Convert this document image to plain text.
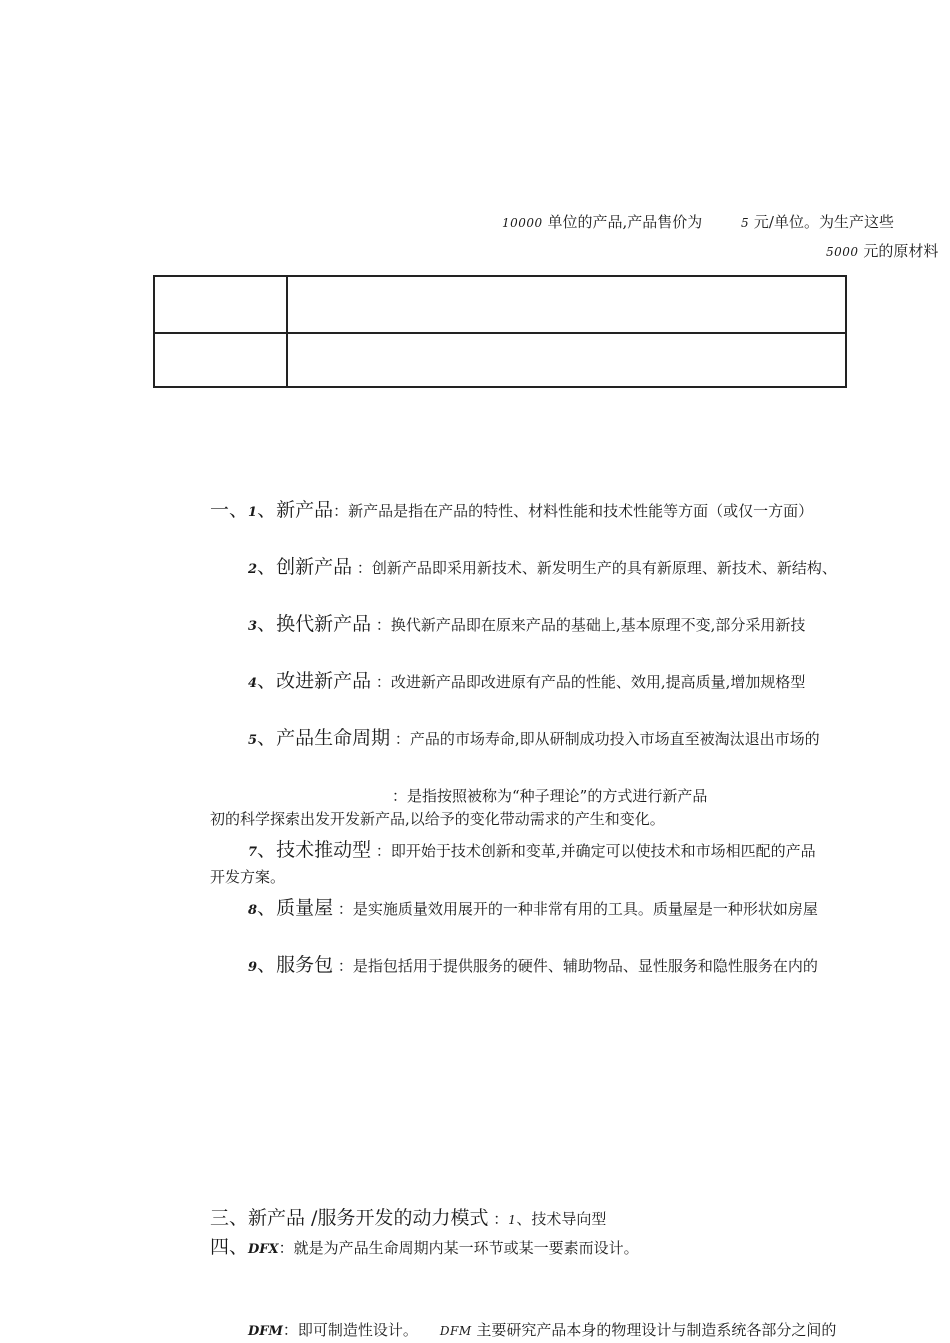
10000 单位的产品,产品售价为	5 元/单位。为生产这些
5000 元的原材料

一、1、新产品：新产品是指在产品的特性、材料性能和技术性能等方面（或仅一方面）
2、创新产品 ：创新产品即采用新技术、新发明生产的具有新原理、新技术、新结构、
3、换代新产品 ：换代新产品即在原来产品的基础上,基本原理不变,部分采用新技
4、改进新产品 ：改进新产品即改进原有产品的性能、效用,提高质量,增加规格型
5、产品生命周期 ：产品的市场寿命,即从研制成功投入市场直至被淘汰退出市场的
：是指按照被称为“种子理论”的方式进行新产品
初的科学探索出发开发新产品,以给予的变化带动需求的产生和变化。
7、技术推动型 ：即开始于技术创新和变革,并确定可以使技术和市场相匹配的产品
开发方案。
8、质量屋 ：是实施质量效用展开的一种非常有用的工具。质量屋是一种形状如房屋
9、服务包 ：是指包括用于提供服务的硬件、辅助物品、显性服务和隐性服务在内的
三、新产品 /服务开发的动力模式 ：1、技术导向型
四、DFX：就是为产品生命周期内某一环节或某一要素而设计。
DFM：即可制造性设计。 DFM 主要研究产品本身的物理设计与制造系统各部分之间的
